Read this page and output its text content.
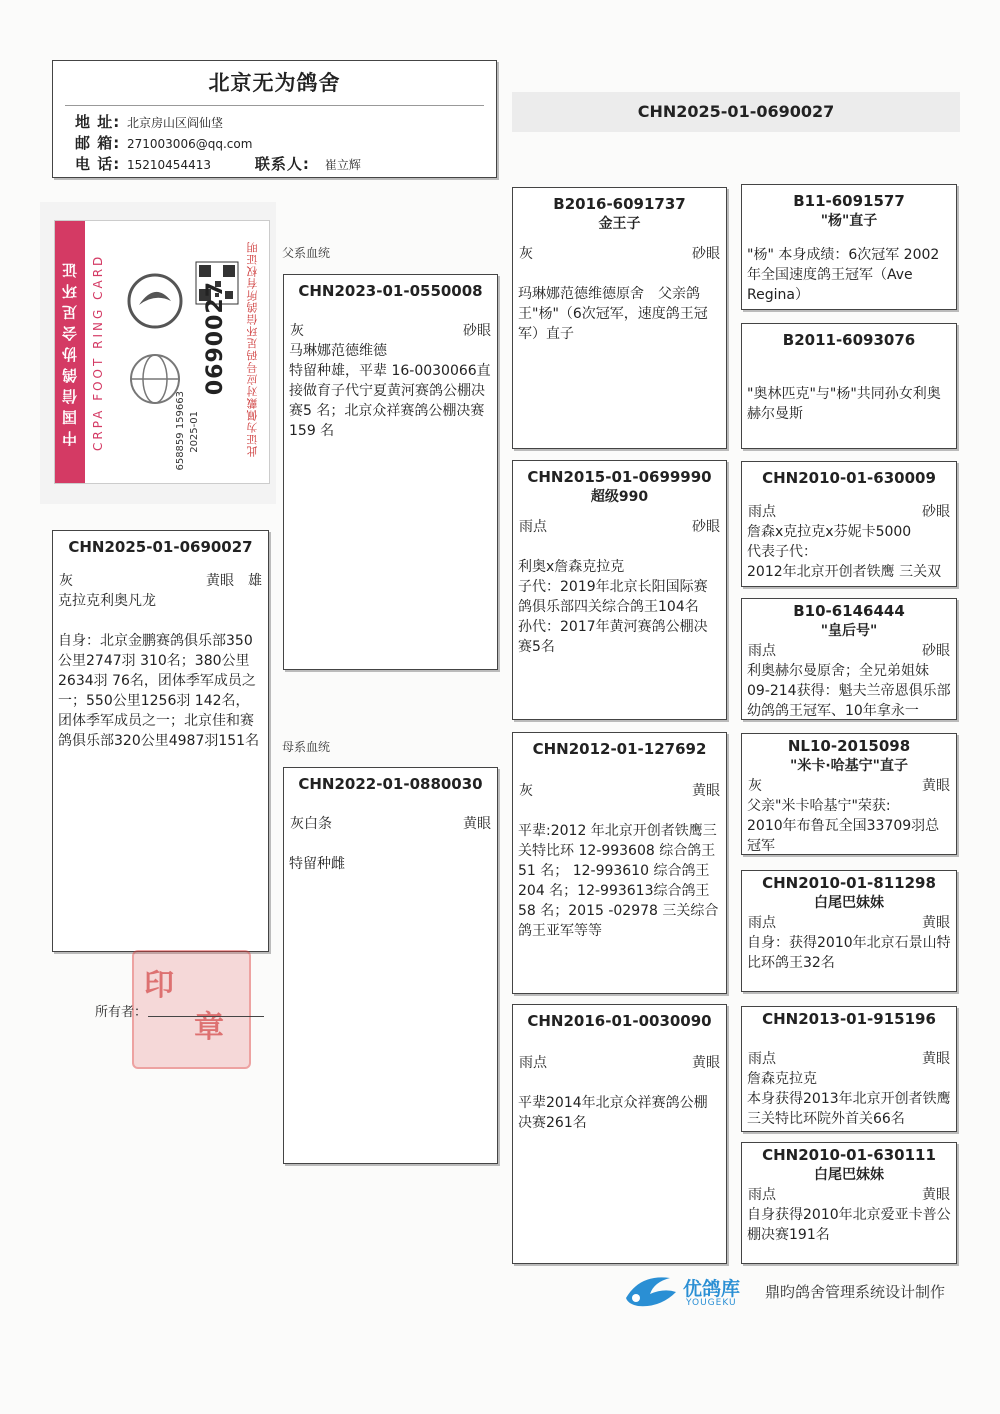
北京无为鸽舍
地 址: 北京房山区阎仙垡
邮 箱: 271003006@qq.com
电 话: 15210454413	联系人: 崔立辉
CHN2025-01-0690027
中国信鸽协会足环证	CRPA FOOT RING CARD	0690027
2025-01
658859 159663	此证为佩戴对应号码足环信鸽所有权证明 父系血统
母系血统
CHN2025-01-0690027
灰	黄眼　 雄
克拉克利奥凡龙
自身：北京金鹏赛鸽俱乐部350公里2747羽 310名；380公里2634羽 76名，团体季军成员之一；550公里1256羽 142名，团体季军成员之一；北京佳和赛鸽俱乐部320公里4987羽151名
印
章
所有者：
CHN2023-01-0550008
灰	砂眼
马琳娜范德维德
特留种雄，平辈 16-0030066直接做育子代宁夏黄河赛鸽公棚决赛5 名；北京众祥赛鸽公棚决赛 159 名
CHN2022-01-0880030
灰白条	黄眼
特留种雌
B2016-6091737
金王子
灰	砂眼
玛琳娜范德维德原舍　父亲鸽王"杨"（6次冠军，速度鸽王冠军）直子
CHN2015-01-0699990
超级990
雨点	砂眼
利奥x詹森克拉克
子代：2019年北京长阳国际赛鸽俱乐部四关综合鸽王104名
孙代：2017年黄河赛鸽公棚决赛5名
CHN2012-01-127692
灰	黄眼
平辈:2012 年北京开创者铁鹰三关特比环 12-993608 综合鸽王 51 名； 12-993610 综合鸽王 204 名；12-993613综合鸽王 58 名；2015 -02978 三关综合鸽王亚军等等
CHN2016-01-0030090
雨点	黄眼
平辈2014年北京众祥赛鸽公棚决赛261名
B11-6091577
"杨"直子
"杨" 本身成绩：6次冠军 2002年全国速度鸽王冠军（Ave Regina）
B2011-6093076
"奥林匹克"与"杨"共同孙女利奥赫尔曼斯
CHN2010-01-630009
雨点	砂眼
詹森x克拉克x芬妮卡5000
代表子代：
2012年北京开创者铁鹰 三关双
B10-6146444
"皇后号"
雨点	砂眼
利奥赫尔曼原舍；全兄弟姐妹09-214获得：魁夫兰帝恩俱乐部幼鸽鸽王冠军、10年拿永一
NL10-2015098
"米卡·哈基宁"直子
灰	黄眼
父亲"米卡哈基宁"荣获:
2010年布鲁瓦全国33709羽总冠军
CHN2010-01-811298
白尾巴妹妹
雨点	黄眼
自身：获得2010年北京石景山特比环鸽王32名
CHN2013-01-915196
雨点	黄眼
詹森克拉克
本身获得2013年北京开创者铁鹰三关特比环院外首关66名
CHN2010-01-630111
白尾巴妹妹
雨点	黄眼
自身获得2010年北京爱亚卡普公棚决赛191名
优鸽库
YOUGEKU
鼎昀鸽舍管理系统设计制作
